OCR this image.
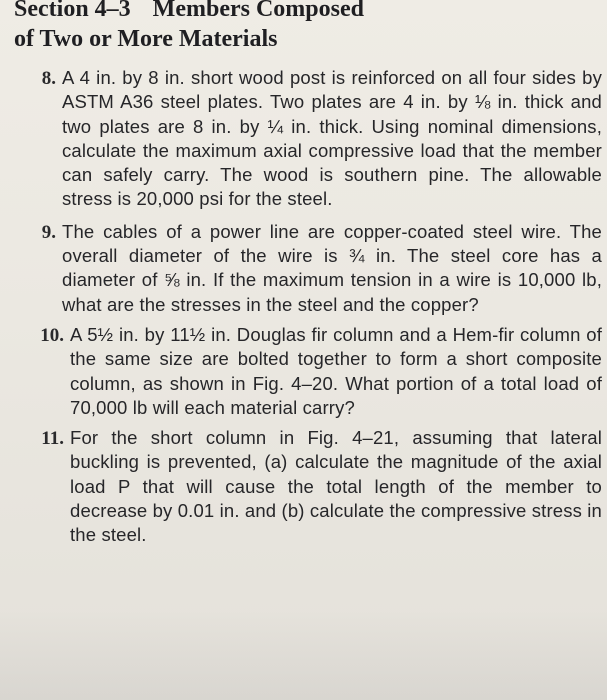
Section 4–3 Members Composed
of Two or More Materials
8. A 4 in. by 8 in. short wood post is reinforced on all four sides by ASTM A36 steel plates. Two plates are 4 in. by ⅛ in. thick and two plates are 8 in. by ¼ in. thick. Using nominal dimensions, calculate the maximum axial compressive load that the member can safely carry. The wood is southern pine. The allowable stress is 20,000 psi for the steel.
9. The cables of a power line are copper-coated steel wire. The overall diameter of the wire is ¾ in. The steel core has a diameter of ⅝ in. If the maximum tension in a wire is 10,000 lb, what are the stresses in the steel and the copper?
10. A 5½ in. by 11½ in. Douglas fir column and a Hem-fir column of the same size are bolted together to form a short composite column, as shown in Fig. 4–20. What portion of a total load of 70,000 lb will each material carry?
11. For the short column in Fig. 4–21, assuming that lateral buckling is prevented, (a) calculate the magnitude of the axial load P that will cause the total length of the member to decrease by 0.01 in. and (b) calculate the compressive stress in the steel.
